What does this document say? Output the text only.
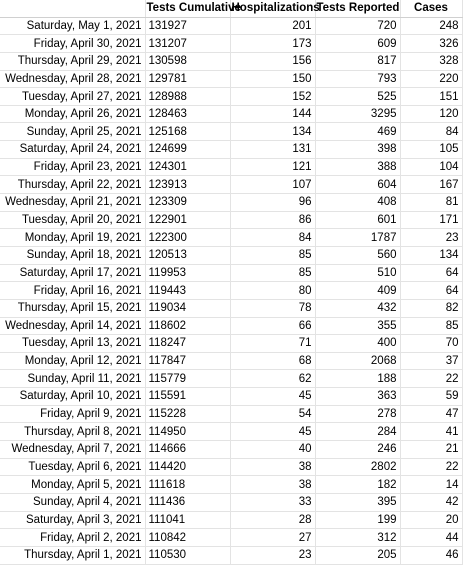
	Tests Cumulative	Hospitalizations	Tests Reported	Cases
Saturday, May 1, 2021	131927	201	720	248
Friday, April 30, 2021	131207	173	609	326
Thursday, April 29, 2021	130598	156	817	328
Wednesday, April 28, 2021	129781	150	793	220
Tuesday, April 27, 2021	128988	152	525	151
Monday, April 26, 2021	128463	144	3295	120
Sunday, April 25, 2021	125168	134	469	84
Saturday, April 24, 2021	124699	131	398	105
Friday, April 23, 2021	124301	121	388	104
Thursday, April 22, 2021	123913	107	604	167
Wednesday, April 21, 2021	123309	96	408	81
Tuesday, April 20, 2021	122901	86	601	171
Monday, April 19, 2021	122300	84	1787	23
Sunday, April 18, 2021	120513	85	560	134
Saturday, April 17, 2021	119953	85	510	64
Friday, April 16, 2021	119443	80	409	64
Thursday, April 15, 2021	119034	78	432	82
Wednesday, April 14, 2021	118602	66	355	85
Tuesday, April 13, 2021	118247	71	400	70
Monday, April 12, 2021	117847	68	2068	37
Sunday, April 11, 2021	115779	62	188	22
Saturday, April 10, 2021	115591	45	363	59
Friday, April 9, 2021	115228	54	278	47
Thursday, April 8, 2021	114950	45	284	41
Wednesday, April 7, 2021	114666	40	246	21
Tuesday, April 6, 2021	114420	38	2802	22
Monday, April 5, 2021	111618	38	182	14
Sunday, April 4, 2021	111436	33	395	42
Saturday, April 3, 2021	111041	28	199	20
Friday, April 2, 2021	110842	27	312	44
Thursday, April 1, 2021	110530	23	205	46
